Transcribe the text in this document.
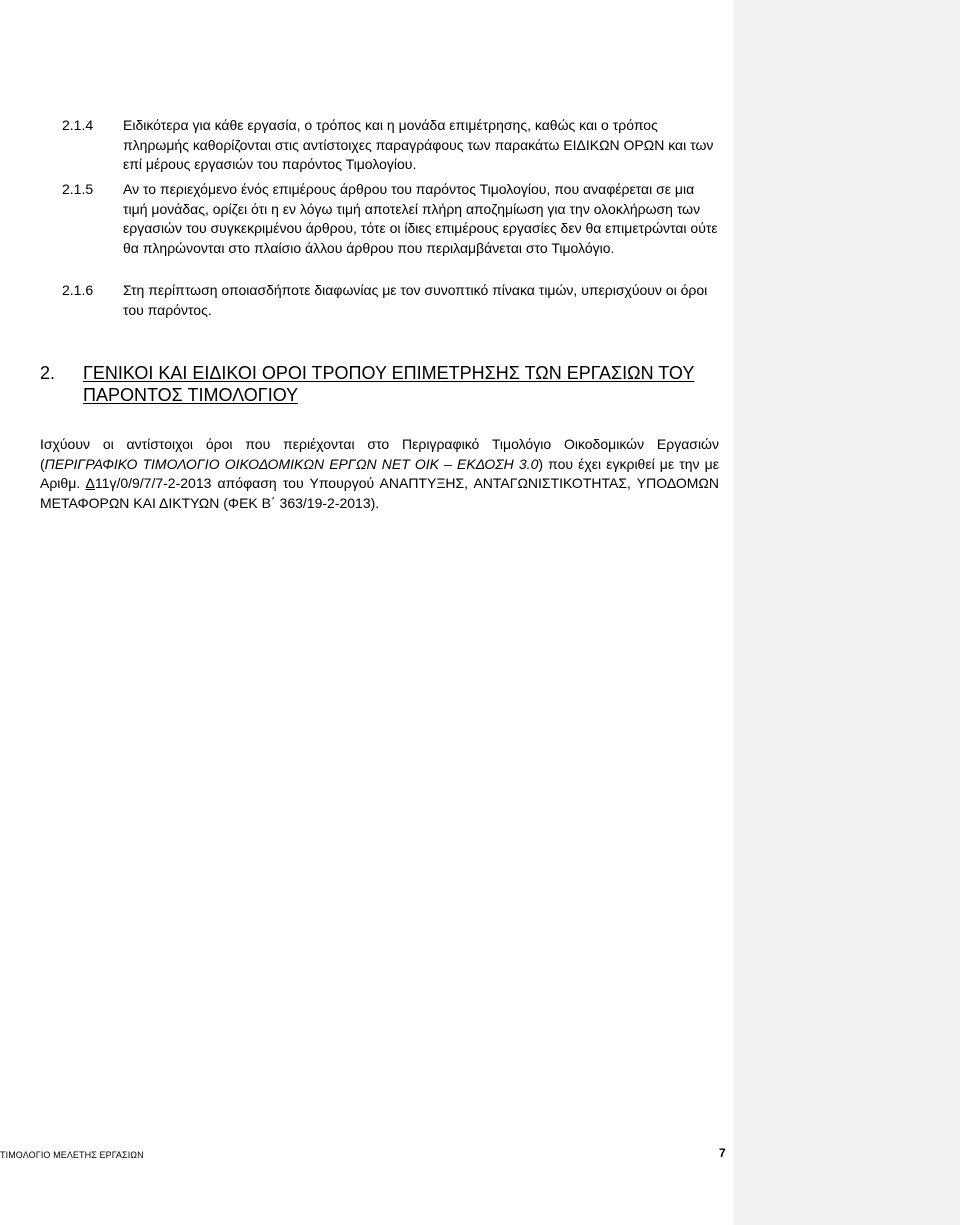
2.1.4	Ειδικότερα για κάθε εργασία, ο τρόπος και η μονάδα επιμέτρησης, καθώς και ο τρόπος πληρωμής καθορίζονται στις αντίστοιχες παραγράφους των παρακάτω ΕΙΔΙΚΩΝ ΟΡΩΝ και των επί μέρους εργασιών του παρόντος Τιμολογίου.
2.1.5	Αν το περιεχόμενο ένός επιμέρους άρθρου του παρόντος Τιμολογίου, που αναφέρεται σε μια τιμή μονάδας, ορίζει ότι η εν λόγω τιμή αποτελεί πλήρη αποζημίωση για την ολοκλήρωση των εργασιών του συγκεκριμένου άρθρου, τότε οι ίδιες επιμέρους εργασίες δεν θα επιμετρώνται ούτε θα πληρώνονται στο πλαίσιο άλλου άρθρου που περιλαμβάνεται στο Τιμολόγιο.
2.1.6	Στη περίπτωση οποιασδήποτε διαφωνίας με τον συνοπτικό πίνακα τιμών, υπερισχύουν οι όροι του παρόντος.
2. ΓΕΝΙΚΟΙ ΚΑΙ ΕΙΔΙΚΟΙ ΟΡΟΙ ΤΡΟΠΟΥ ΕΠΙΜΕΤΡΗΣΗΣ ΤΩΝ ΕΡΓΑΣΙΩΝ ΤΟΥ ΠΑΡΟΝΤΟΣ ΤΙΜΟΛΟΓΙΟΥ
Ισχύουν οι αντίστοιχοι όροι που περιέχονται στο Περιγραφικό Τιμολόγιο Οικοδομικών Εργασιών (ΠΕΡΙΓΡΑΦΙΚΟ ΤΙΜΟΛΟΓΙΟ ΟΙΚΟΔΟΜΙΚΩΝ ΕΡΓΩΝ ΝΕΤ ΟΙΚ – ΕΚΔΟΣΗ 3.0) που έχει εγκριθεί με την με Αριθμ. Δ11γ/0/9/7/7-2-2013 απόφαση του Υπουργού ΑΝΑΠΤΥΞΗΣ, ΑΝΤΑΓΩΝΙΣΤΙΚΟΤΗΤΑΣ, ΥΠΟΔΟΜΩΝ ΜΕΤΑΦΟΡΩΝ ΚΑΙ ΔΙΚΤΥΩΝ (ΦΕΚ Β΄ 363/19-2-2013).
ΤΙΜΟΛΟΓΙΟ ΜΕΛΕΤΗΣ ΕΡΓΑΣΙΩΝ	7
